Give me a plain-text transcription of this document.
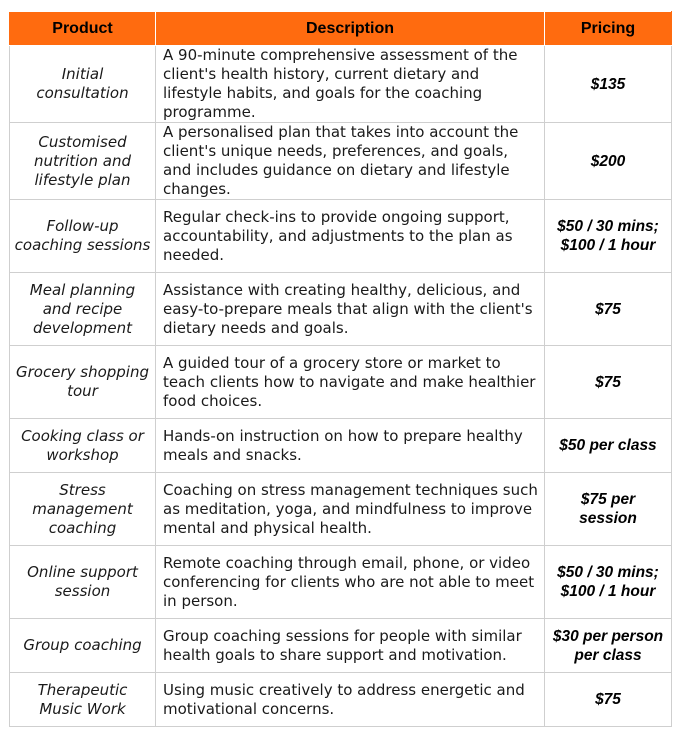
Product	Description	Pricing
Initial consultation	A 90-minute comprehensive assessment of the client's health history, current dietary and lifestyle habits, and goals for the coaching programme.	$135
Customised nutrition and lifestyle plan	A personalised plan that takes into account the client's unique needs, preferences, and goals, and includes guidance on dietary and lifestyle changes.	$200
Follow-up coaching sessions	Regular check-ins to provide ongoing support, accountability, and adjustments to the plan as needed.	$50 / 30 mins; $100 / 1 hour
Meal planning and recipe development	Assistance with creating healthy, delicious, and easy-to-prepare meals that align with the client's dietary needs and goals.	$75
Grocery shopping tour	A guided tour of a grocery store or market to teach clients how to navigate and make healthier food choices.	$75
Cooking class or workshop	Hands-on instruction on how to prepare healthy meals and snacks.	$50 per class
Stress management coaching	Coaching on stress management techniques such as meditation, yoga, and mindfulness to improve mental and physical health.	$75 per session
Online support session	Remote coaching through email, phone, or video conferencing for clients who are not able to meet in person.	$50 / 30 mins; $100 / 1 hour
Group coaching	Group coaching sessions for people with similar health goals to share support and motivation.	$30 per person per class
Therapeutic Music Work	Using music creatively to address energetic and motivational concerns.	$75
